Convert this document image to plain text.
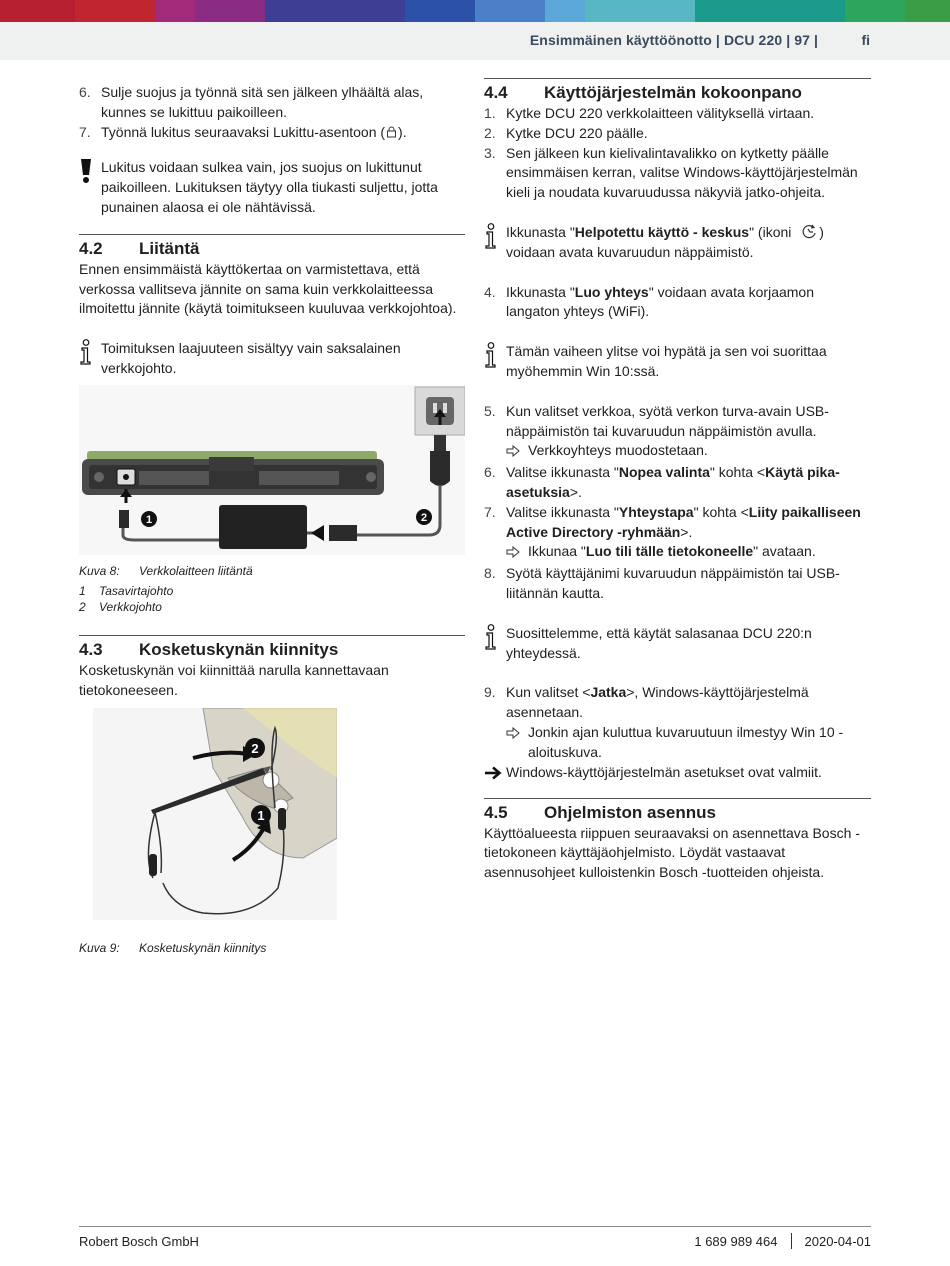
Ensimmäinen käyttöönotto | DCU 220 | 97 |	fi
6. Sulje suojus ja työnnä sitä sen jälkeen ylhäältä alas, kunnes se lukittuu paikoilleen.
7. Työnnä lukitus seuraavaksi Lukittu-asentoon ( ).
Lukitus voidaan sulkea vain, jos suojus on lukittunut paikoilleen. Lukituksen täytyy olla tiukasti suljettu, jotta punainen alaosa ei ole nähtävissä.
4.2	Liitäntä

Ennen ensimmäistä käyttökertaa on varmistettava, että verkossa vallitseva jännite on sama kuin verkkolaitteessa ilmoitettu jännite (käytä toimitukseen kuuluvaa verkkojohtoa).

Toimituksen laajuuteen sisältyy vain saksalainen verkkojohto.
1	2
Kuva 8:	Verkkolaitteen liitäntä
1	Tasavirtajohto
2	Verkkojohto
4.3	Kosketuskynän kiinnitys

Kosketuskynän voi kiinnittää narulla kannettavaan tietokoneeseen.

2
1
Kuva 9:	Kosketuskynän kiinnitys
4.4	Käyttöjärjestelmän kokoonpano
1. Kytke DCU 220 verkkolaitteen välityksellä virtaan.
2. Kytke DCU 220 päälle.
3. Sen jälkeen kun kielivalintavalikko on kytketty päälle ensimmäisen kerran, valitse Windows-käyttöjärjestelmän kieli ja noudata kuvaruudussa näkyviä jatko-ohjeita.
Ikkunasta "Helpotettu käyttö - keskus" (ikoni )
voidaan avata kuvaruudun näppäimistö.
4. Ikkunasta "Luo yhteys" voidaan avata korjaamon langaton yhteys (WiFi).
Tämän vaiheen ylitse voi hypätä ja sen voi suorittaa myöhemmin Win 10:ssä.
5. Kun valitset verkkoa, syötä verkon turva-avain USB-näppäimistön tai kuvaruudun näppäimistön avulla.
Verkkoyhteys muodostetaan.
6. Valitse ikkunasta "Nopea valinta" kohta <Käytä pika-asetuksia>.
7. Valitse ikkunasta "Yhteystapa" kohta <Liity paikalliseen Active Directory -ryhmään>.
Ikkunaa "Luo tili tälle tietokoneelle" avataan.
8. Syötä käyttäjänimi kuvaruudun näppäimistön tai USB-liitännän kautta.
Suosittelemme, että käytät salasanaa DCU 220:n yhteydessä.
9. Kun valitset <Jatka>, Windows-käyttöjärjestelmä asennetaan.
Jonkin ajan kuluttua kuvaruutuun ilmestyy Win 10 -aloituskuva.
Windows-käyttöjärjestelmän asetukset ovat valmiit.
4.5	Ohjelmiston asennus

Käyttöalueesta riippuen seuraavaksi on asennettava Bosch -tietokoneen käyttäjäohjelmisto. Löydät vastaavat asennusohjeet kulloistenkin Bosch -tuotteiden ohjeista.

Robert Bosch GmbH	1 689 989 464 2020-04-01
